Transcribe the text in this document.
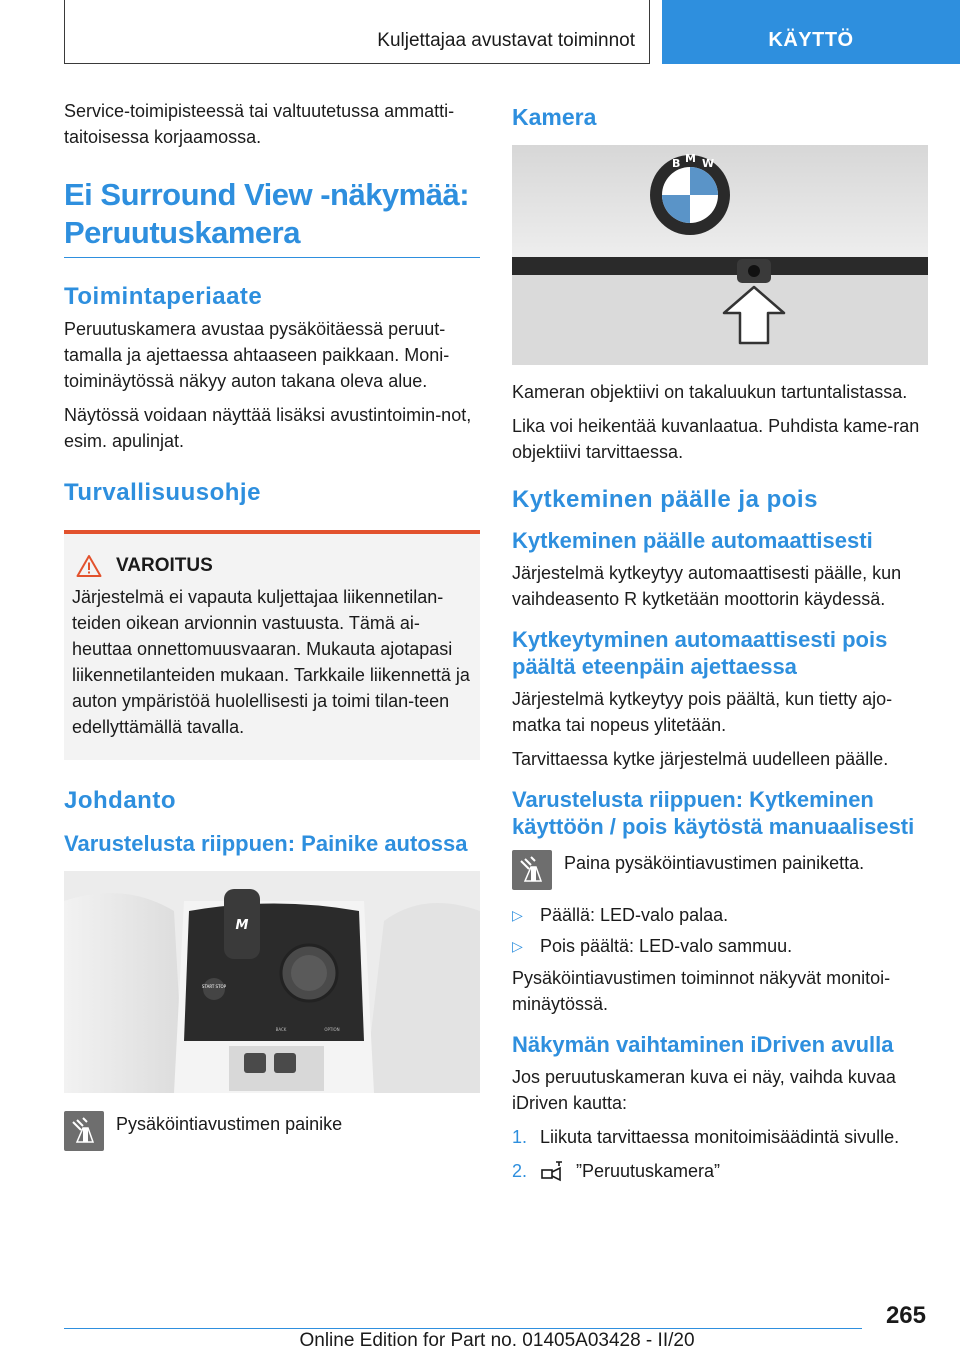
Kuljettajaa avustavat toiminnot	KÄYTTÖ

Service-toimipisteessä tai valtuutetussa ammatti-taitoisessa korjaamossa.

Ei Surround View -näkymää: Peruutuskamera
Toimintaperiaate

Peruutuskamera avustaa pysäköitäessä peruut-tamalla ja ajettaessa ahtaaseen paikkaan. Moni-toiminäytössä näkyy auton takana oleva alue.

Näytössä voidaan näyttää lisäksi avustintoimin-not, esim. apulinjat.

Turvallisuusohje
VAROITUS

Järjestelmä ei vapauta kuljettajaa liikennetilan-teiden oikean arvionnin vastuusta. Tämä ai-heuttaa onnettomuusvaaran. Mukauta ajotapasi liikennetilanteiden mukaan. Tarkkaile liikennettä ja auton ympäristöä huolellisesti ja toimi tilan-teen edellyttämällä tavalla.

Johdanto
Varustelusta riippuen: Painike autossa
M
START STOP
BACK	OPTION

Pysäköintiavustimen painike

Kamera
B M W

Kameran objektiivi on takaluukun tartuntalistassa.

Lika voi heikentää kuvanlaatua. Puhdista kame-ran objektiivi tarvittaessa.

Kytkeminen päälle ja pois
Kytkeminen päälle automaattisesti

Järjestelmä kytkeytyy automaattisesti päälle, kun vaihdeasento R kytketään moottorin käydessä.

Kytkeytyminen automaattisesti pois päältä eteenpäin ajettaessa

Järjestelmä kytkeytyy pois päältä, kun tietty ajo-matka tai nopeus ylitetään.

Tarvittaessa kytke järjestelmä uudelleen päälle.

Varustelusta riippuen: Kytkeminen käyttöön / pois käytöstä manuaalisesti

Paina pysäköintiavustimen painiketta.

▷ Päällä: LED-valo palaa.
▷ Pois päältä: LED-valo sammuu.

Pysäköintiavustimen toiminnot näkyvät monitoi-minäytössä.

Näkymän vaihtaminen iDriven avulla

Jos peruutuskameran kuva ei näy, vaihda kuvaa iDriven kautta:

1. Liikuta tarvittaessa monitoimisäädintä sivulle.
2.	”Peruutuskamera”
265
Online Edition for Part no. 01405A03428 - II/20
